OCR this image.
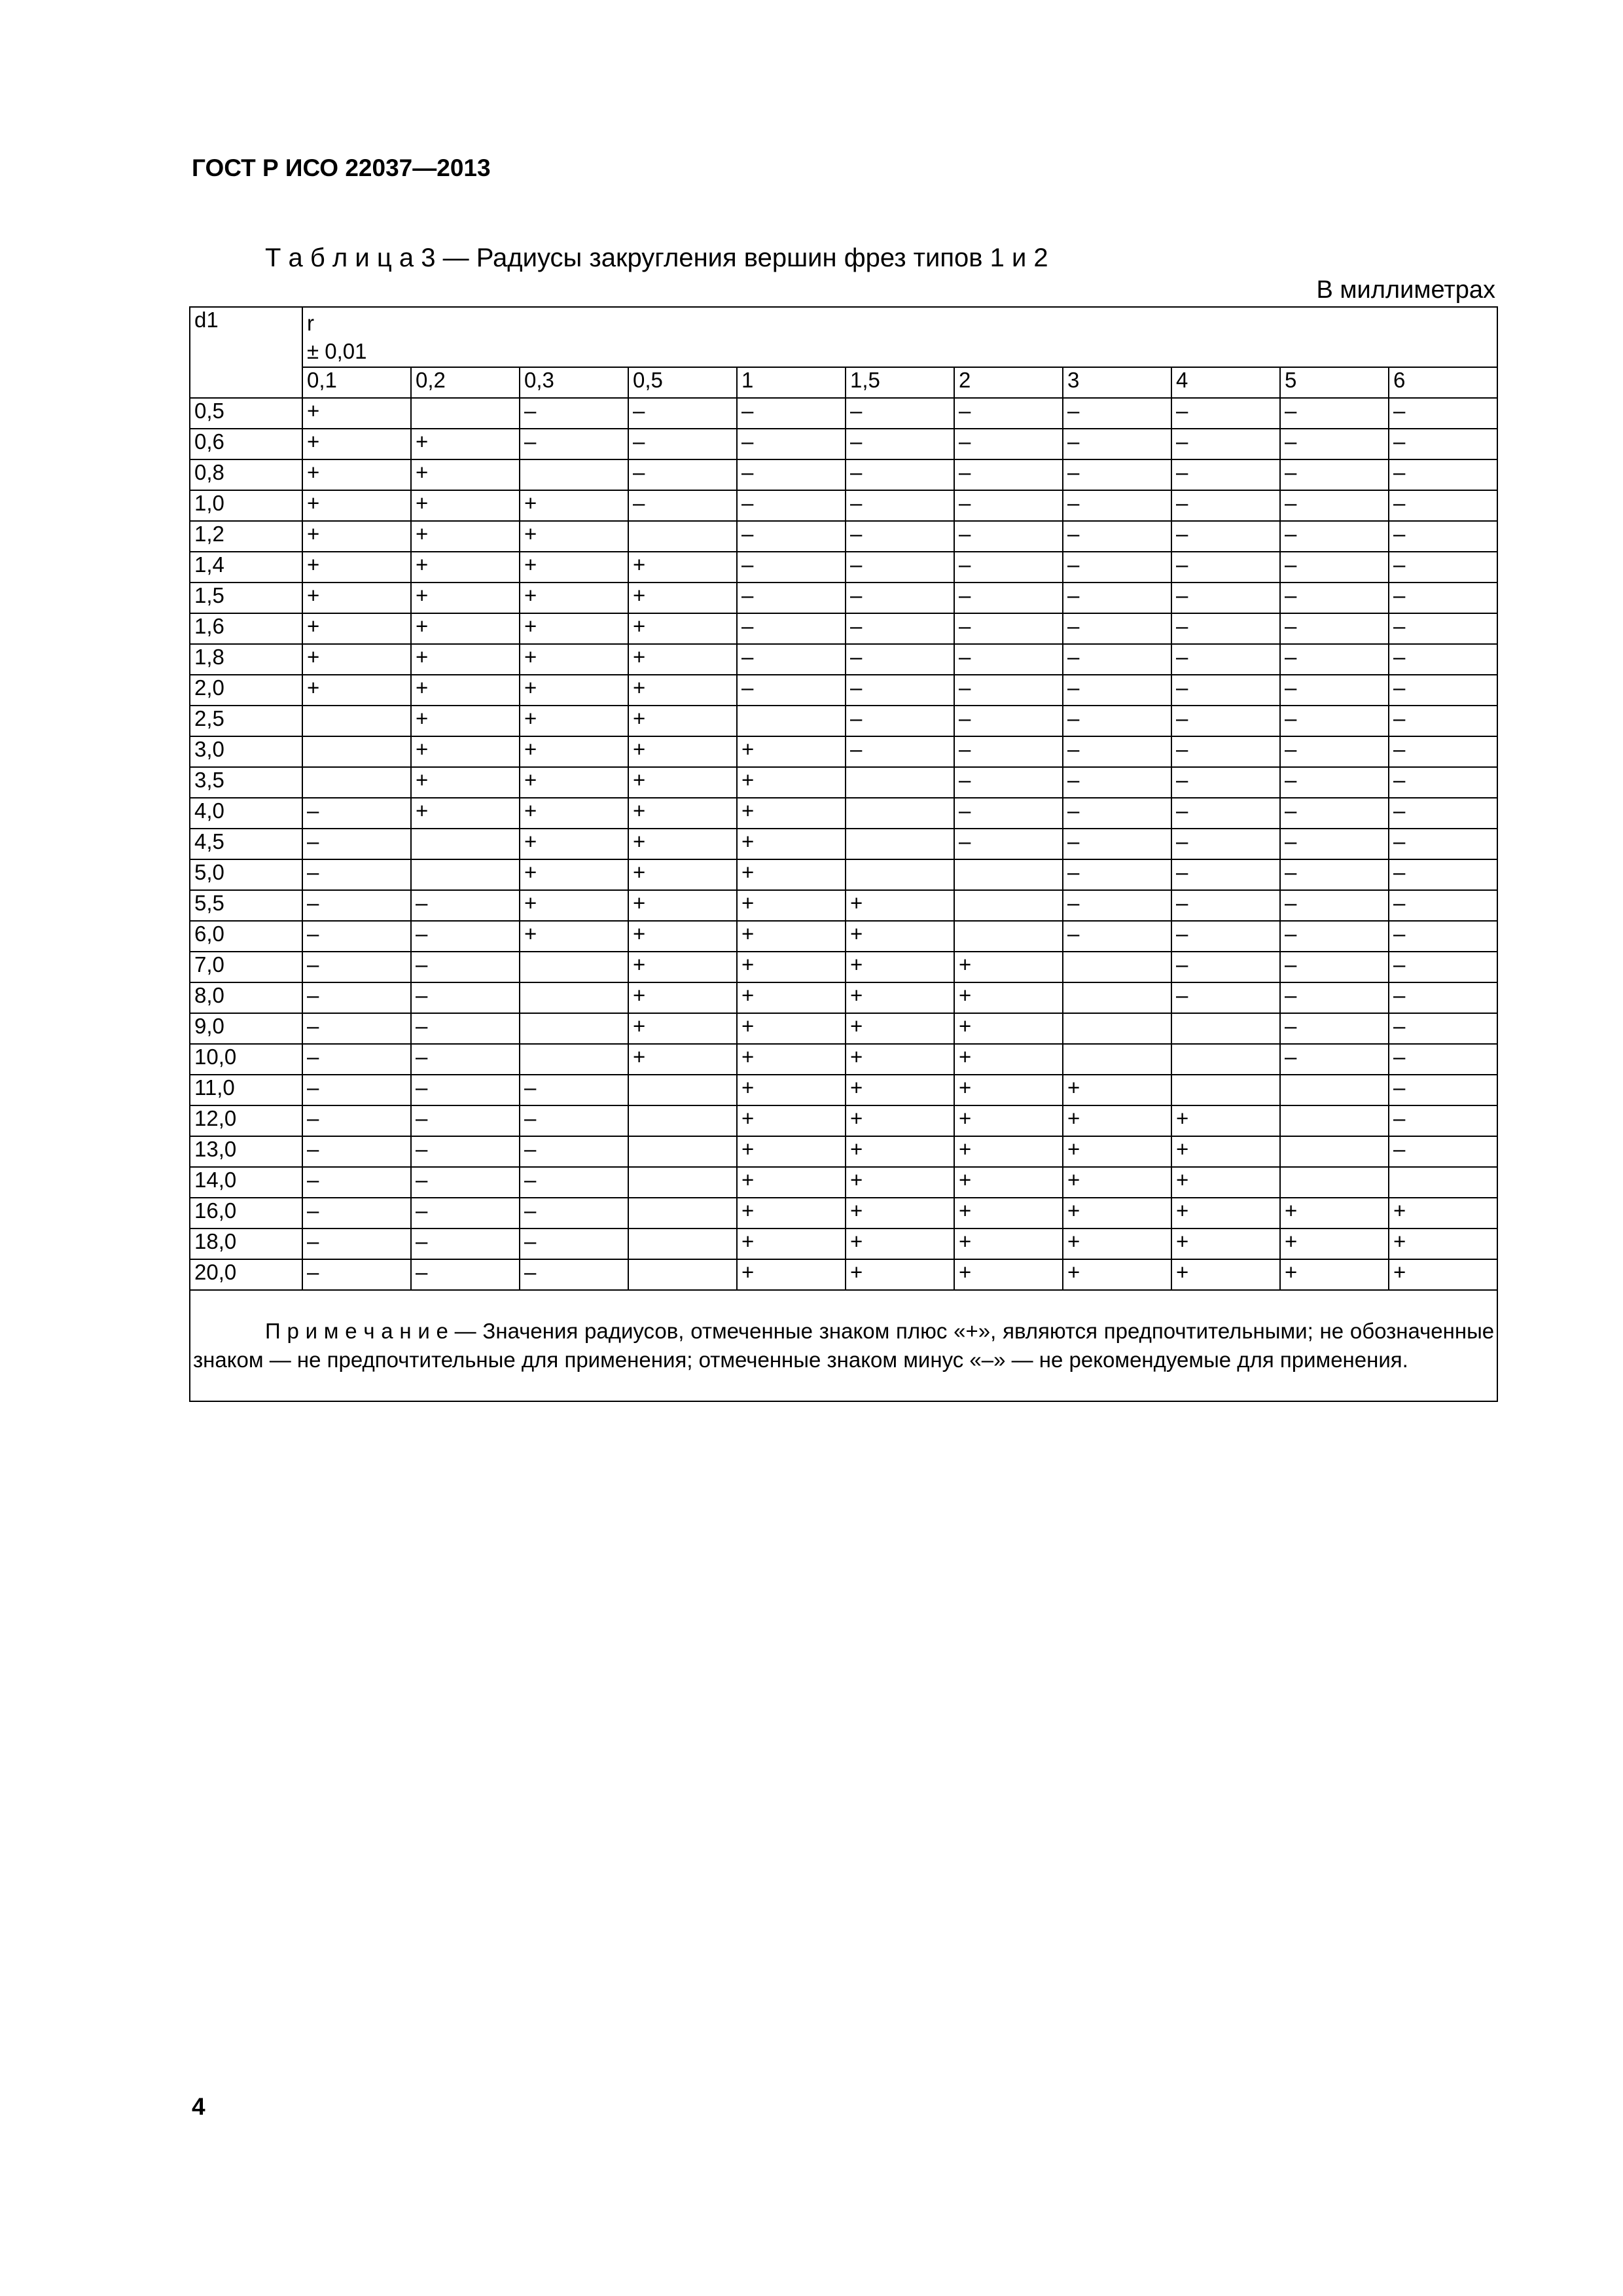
ГОСТ Р ИСО 22037—2013
Т а б л и ц а 3 — Радиусы закругления вершин фрез типов 1 и 2
В миллиметрах
d1	r
± 0,01										

	0,1	0,2	0,3	0,5	1	1,5	2	3	4	5	6
0,5	+		–	–	–	–	–	–	–	–	–
0,6	+	+	–	–	–	–	–	–	–	–	–
0,8	+	+		–	–	–	–	–	–	–	–
1,0	+	+	+	–	–	–	–	–	–	–	–
1,2	+	+	+		–	–	–	–	–	–	–
1,4	+	+	+	+	–	–	–	–	–	–	–
1,5	+	+	+	+	–	–	–	–	–	–	–
1,6	+	+	+	+	–	–	–	–	–	–	–
1,8	+	+	+	+	–	–	–	–	–	–	–
2,0	+	+	+	+	–	–	–	–	–	–	–
2,5		+	+	+		–	–	–	–	–	–
3,0		+	+	+	+	–	–	–	–	–	–
3,5		+	+	+	+		–	–	–	–	–
4,0	–	+	+	+	+		–	–	–	–	–
4,5	–		+	+	+		–	–	–	–	–
5,0	–		+	+	+			–	–	–	–
5,5	–	–	+	+	+	+		–	–	–	–
6,0	–	–	+	+	+	+		–	–	–	–
7,0	–	–		+	+	+	+		–	–	–
8,0	–	–		+	+	+	+		–	–	–
9,0	–	–		+	+	+	+			–	–
10,0	–	–		+	+	+	+			–	–
11,0	–	–	–		+	+	+	+			–
12,0	–	–	–		+	+	+	+	+		–
13,0	–	–	–		+	+	+	+	+		–
14,0	–	–	–		+	+	+	+	+		
16,0	–	–	–		+	+	+	+	+	+	+
18,0	–	–	–		+	+	+	+	+	+	+
20,0	–	–	–		+	+	+	+	+	+	+
П р и м е ч а н и е — Значения радиусов, отмеченные знаком плюс «+», являются предпочтительными; не обозначенные знаком — не предпочтительные для применения; отмеченные знаком минус «–» — не рекомендуемые для применения.											
4
